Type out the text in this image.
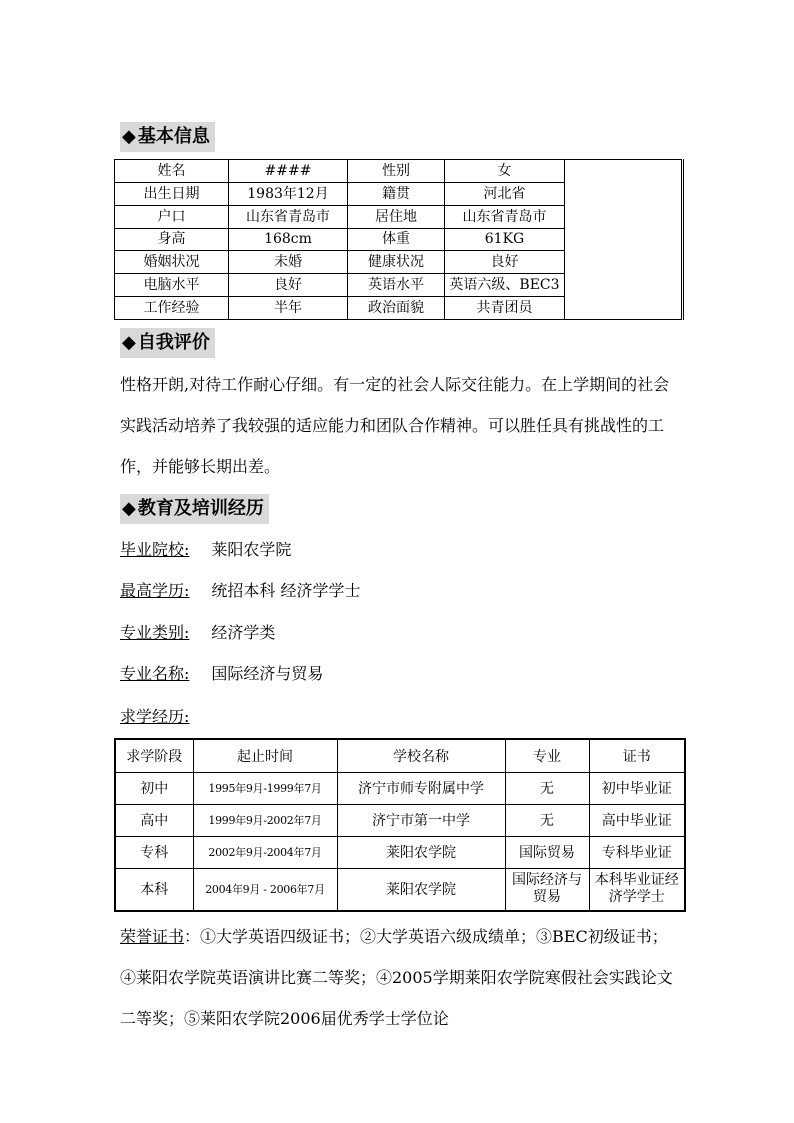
◆ 基本信息
姓名	####	性别	女	
出生日期	1983年12月	籍贯	河北省	
户口	山东省青岛市	居住地	山东省青岛市	
身高	168cm	体重	61KG	
婚姻状况	未婚	健康状况	良好	
电脑水平	良好	英语水平	英语六级、BEC3	
工作经验	半年	政治面貌	共青团员	
◆ 自我评价
性格开朗,对待工作耐心仔细。有一定的社会人际交往能力。在上学期间的社会实践活动培养了我较强的适应能力和团队合作精神。可以胜任具有挑战性的工作，并能够长期出差。
◆ 教育及培训经历
毕业院校: 莱阳农学院
最高学历: 统招本科 经济学学士
专业类别: 经济学类
专业名称: 国际经济与贸易
求学经历:
求学阶段	起止时间	学校名称	专业	证书
初中	1995年9月-1999年7月	济宁市师专附属中学	无	初中毕业证
高中	1999年9月-2002年7月	济宁市第一中学	无	高中毕业证
专科	2002年9月-2004年7月	莱阳农学院	国际贸易	专科毕业证
本科	2004年9月 - 2006年7月	莱阳农学院	国际经济与贸易	本科毕业证经济学学士
荣誉证书：①大学英语四级证书；②大学英语六级成绩单；③BEC初级证书；④莱阳农学院英语演讲比赛二等奖；④2005学期莱阳农学院寒假社会实践论文二等奖；⑤莱阳农学院2006届优秀学士学位论
